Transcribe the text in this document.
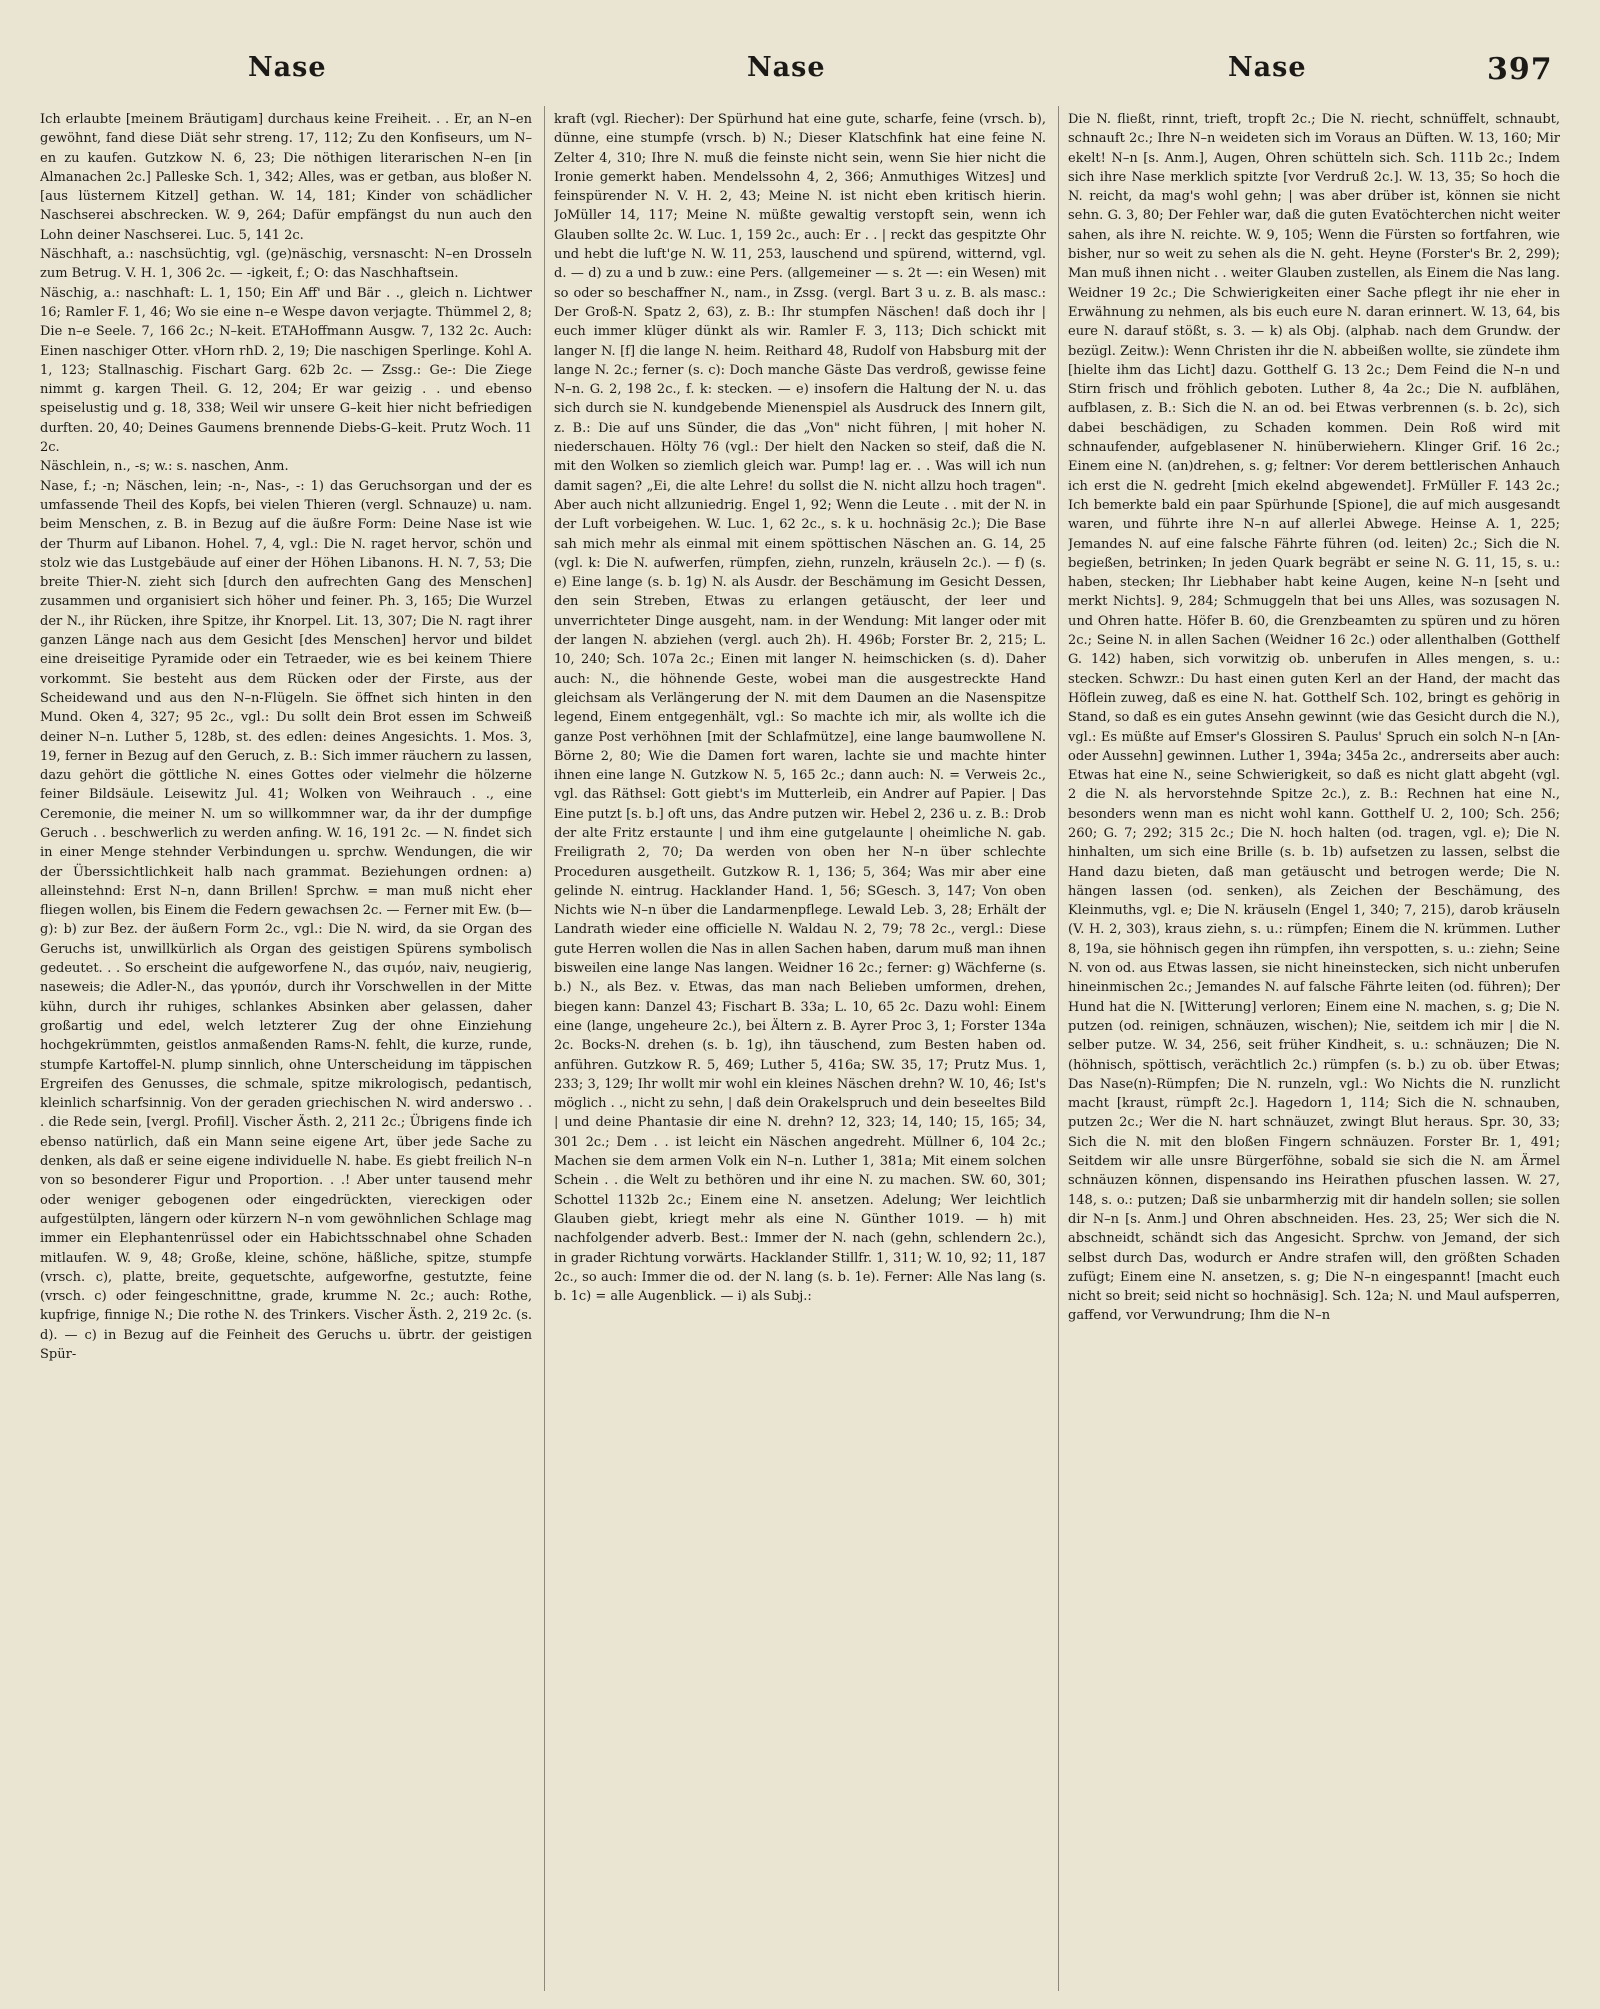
Nase	Nase	Nase	397

Ich erlaubte [meinem Bräutigam] durchaus keine Freiheit. . . Er, an N–en gewöhnt, fand diese Diät sehr streng. 17, 112; Zu den Konfiseurs, um N–en zu kaufen. Gutzkow N. 6, 23; Die nöthigen literarischen N–en [in Almanachen 2c.] Palleske Sch. 1, 342; Alles, was er getban, aus bloßer N. [aus lüsternem Kitzel] gethan. W. 14, 181; Kinder von schädlicher Naschserei abschrecken. W. 9, 264; Dafür empfängst du nun auch den Lohn deiner Naschserei. Luc. 5, 141 2c.

Näschhaft, a.: naschsüchtig, vgl. (ge)näschig, versnascht: N–en Drosseln zum Betrug. V. H. 1, 306 2c. — -igkeit, f.; O: das Naschhaftsein.

Näschig, a.: naschhaft: L. 1, 150; Ein Aff' und Bär . ., gleich n. Lichtwer 16; Ramler F. 1, 46; Wo sie eine n–e Wespe davon verjagte. Thümmel 2, 8; Die n–e Seele. 7, 166 2c.; N–keit. ETAHoffmann Ausgw. 7, 132 2c. Auch: Einen naschiger Otter. vHorn rhD. 2, 19; Die naschigen Sperlinge. Kohl A. 1, 123; Stallnaschig. Fischart Garg. 62b 2c. — Zssg.: Ge-: Die Ziege nimmt g. kargen Theil. G. 12, 204; Er war geizig . . und ebenso speiselustig und g. 18, 338; Weil wir unsere G–keit hier nicht befriedigen durften. 20, 40; Deines Gaumens brennende Diebs-G–keit. Prutz Woch. 11 2c.

Näschlein, n., -s; w.: s. naschen, Anm.

Nase, f.; -n; Näschen, lein; -n-, Nas-, -: 1) das Geruchsorgan und der es umfassende Theil des Kopfs, bei vielen Thieren (vergl. Schnauze) u. nam. beim Menschen, z. B. in Bezug auf die äußre Form: Deine Nase ist wie der Thurm auf Libanon. Hohel. 7, 4, vgl.: Die N. raget hervor, schön und stolz wie das Lustgebäude auf einer der Höhen Libanons. H. N. 7, 53; Die breite Thier-N. zieht sich [durch den aufrechten Gang des Menschen] zusammen und organisiert sich höher und feiner. Ph. 3, 165; Die Wurzel der N., ihr Rücken, ihre Spitze, ihr Knorpel. Lit. 13, 307; Die N. ragt ihrer ganzen Länge nach aus dem Gesicht [des Menschen] hervor und bildet eine dreiseitige Pyramide oder ein Tetraeder, wie es bei keinem Thiere vorkommt. Sie besteht aus dem Rücken oder der Firste, aus der Scheidewand und aus den N–n-Flügeln. Sie öffnet sich hinten in den Mund. Oken 4, 327; 95 2c., vgl.: Du sollt dein Brot essen im Schweiß deiner N–n. Luther 5, 128b, st. des edlen: deines Angesichts. 1. Mos. 3, 19, ferner in Bezug auf den Geruch, z. B.: Sich immer räuchern zu lassen, dazu gehört die göttliche N. eines Gottes oder vielmehr die hölzerne feiner Bildsäule. Leisewitz Jul. 41; Wolken von Weihrauch . ., eine Ceremonie, die meiner N. um so willkommner war, da ihr der dumpfige Geruch . . beschwerlich zu werden anfing. W. 16, 191 2c. — N. findet sich in einer Menge stehnder Verbindungen u. sprchw. Wendungen, die wir der Überssichtlichkeit halb nach grammat. Beziehungen ordnen: a) alleinstehnd: Erst N–n, dann Brillen! Sprchw. = man muß nicht eher fliegen wollen, bis Einem die Federn gewachsen 2c. — Ferner mit Ew. (b—g): b) zur Bez. der äußern Form 2c., vgl.: Die N. wird, da sie Organ des Geruchs ist, unwillkürlich als Organ des geistigen Spürens symbolisch gedeutet. . . So erscheint die aufgeworfene N., das σιμόν, naiv, neugierig, naseweis; die Adler-N., das γρυπόν, durch ihr Vorschwellen in der Mitte kühn, durch ihr ruhiges, schlankes Absinken aber gelassen, daher großartig und edel, welch letzterer Zug der ohne Einziehung hochgekrümmten, geistlos anmaßenden Rams-N. fehlt, die kurze, runde, stumpfe Kartoffel-N. plump sinnlich, ohne Unterscheidung im täppischen Ergreifen des Genusses, die schmale, spitze mikrologisch, pedantisch, kleinlich scharfsinnig. Von der geraden griechischen N. wird anderswo . . . die Rede sein, [vergl. Profil]. Vischer Ästh. 2, 211 2c.; Übrigens finde ich ebenso natürlich, daß ein Mann seine eigene Art, über jede Sache zu denken, als daß er seine eigene individuelle N. habe. Es giebt freilich N–n von so besonderer Figur und Proportion. . .! Aber unter tausend mehr oder weniger gebogenen oder eingedrückten, viereckigen oder aufgestülpten, längern oder kürzern N–n vom gewöhnlichen Schlage mag immer ein Elephantenrüssel oder ein Habichtsschnabel ohne Schaden mitlaufen. W. 9, 48; Große, kleine, schöne, häßliche, spitze, stumpfe (vrsch. c), platte, breite, gequetschte, aufgeworfne, gestutzte, feine (vrsch. c) oder feingeschnittne, grade, krumme N. 2c.; auch: Rothe, kupfrige, finnige N.; Die rothe N. des Trinkers. Vischer Ästh. 2, 219 2c. (s. d). — c) in Bezug auf die Feinheit des Geruchs u. übrtr. der geistigen Spür-

kraft (vgl. Riecher): Der Spürhund hat eine gute, scharfe, feine (vrsch. b), dünne, eine stumpfe (vrsch. b) N.; Dieser Klatschfink hat eine feine N. Zelter 4, 310; Ihre N. muß die feinste nicht sein, wenn Sie hier nicht die Ironie gemerkt haben. Mendelssohn 4, 2, 366; Anmuthiges Witzes] und feinspürender N. V. H. 2, 43; Meine N. ist nicht eben kritisch hierin. JoMüller 14, 117; Meine N. müßte gewaltig verstopft sein, wenn ich Glauben sollte 2c. W. Luc. 1, 159 2c., auch: Er . . | reckt das gespitzte Ohr und hebt die luft'ge N. W. 11, 253, lauschend und spürend, witternd, vgl. d. — d) zu a und b zuw.: eine Pers. (allgemeiner — s. 2t —: ein Wesen) mit so oder so beschaffner N., nam., in Zssg. (vergl. Bart 3 u. z. B. als masc.: Der Groß-N. Spatz 2, 63), z. B.: Ihr stumpfen Näschen! daß doch ihr | euch immer klüger dünkt als wir. Ramler F. 3, 113; Dich schickt mit langer N. [f] die lange N. heim. Reithard 48, Rudolf von Habsburg mit der lange N. 2c.; ferner (s. c): Doch manche Gäste Das verdroß, gewisse feine N–n. G. 2, 198 2c., f. k: stecken. — e) insofern die Haltung der N. u. das sich durch sie N. kundgebende Mienenspiel als Ausdruck des Innern gilt, z. B.: Die auf uns Sünder, die das „Von" nicht führen, | mit hoher N. niederschauen. Hölty 76 (vgl.: Der hielt den Nacken so steif, daß die N. mit den Wolken so ziemlich gleich war. Pump! lag er. . . Was will ich nun damit sagen? „Ei, die alte Lehre! du sollst die N. nicht allzu hoch tragen". Aber auch nicht allzuniedrig. Engel 1, 92; Wenn die Leute . . mit der N. in der Luft vorbeigehen. W. Luc. 1, 62 2c., s. k u. hochnäsig 2c.); Die Base sah mich mehr als einmal mit einem spöttischen Näschen an. G. 14, 25 (vgl. k: Die N. aufwerfen, rümpfen, ziehn, runzeln, kräuseln 2c.). — f) (s. e) Eine lange (s. b. 1g) N. als Ausdr. der Beschämung im Gesicht Dessen, den sein Streben, Etwas zu erlangen getäuscht, der leer und unverrichteter Dinge ausgeht, nam. in der Wendung: Mit langer oder mit der langen N. abziehen (vergl. auch 2h). H. 496b; Forster Br. 2, 215; L. 10, 240; Sch. 107a 2c.; Einen mit langer N. heimschicken (s. d). Daher auch: N., die höhnende Geste, wobei man die ausgestreckte Hand gleichsam als Verlängerung der N. mit dem Daumen an die Nasenspitze legend, Einem entgegenhält, vgl.: So machte ich mir, als wollte ich die ganze Post verhöhnen [mit der Schlafmütze], eine lange baumwollene N. Börne 2, 80; Wie die Damen fort waren, lachte sie und machte hinter ihnen eine lange N. Gutzkow N. 5, 165 2c.; dann auch: N. = Verweis 2c., vgl. das Räthsel: Gott giebt's im Mutterleib, ein Andrer auf Papier. | Das Eine putzt [s. b.] oft uns, das Andre putzen wir. Hebel 2, 236 u. z. B.: Drob der alte Fritz erstaunte | und ihm eine gutgelaunte | oheimliche N. gab. Freiligrath 2, 70; Da werden von oben her N–n über schlechte Proceduren ausgetheilt. Gutzkow R. 1, 136; 5, 364; Was mir aber eine gelinde N. eintrug. Hacklander Hand. 1, 56; SGesch. 3, 147; Von oben Nichts wie N–n über die Landarmenpflege. Lewald Leb. 3, 28; Erhält der Landrath wieder eine officielle N. Waldau N. 2, 79; 78 2c., vergl.: Diese gute Herren wollen die Nas in allen Sachen haben, darum muß man ihnen bisweilen eine lange Nas langen. Weidner 16 2c.; ferner: g) Wächferne (s. b.) N., als Bez. v. Etwas, das man nach Belieben umformen, drehen, biegen kann: Danzel 43; Fischart B. 33a; L. 10, 65 2c. Dazu wohl: Einem eine (lange, ungeheure 2c.), bei Ältern z. B. Ayrer Proc 3, 1; Forster 134a 2c. Bocks-N. drehen (s. b. 1g), ihn täuschend, zum Besten haben od. anführen. Gutzkow R. 5, 469; Luther 5, 416a; SW. 35, 17; Prutz Mus. 1, 233; 3, 129; Ihr wollt mir wohl ein kleines Näschen drehn? W. 10, 46; Ist's möglich . ., nicht zu sehn, | daß dein Orakelspruch und dein beseeltes Bild | und deine Phantasie dir eine N. drehn? 12, 323; 14, 140; 15, 165; 34, 301 2c.; Dem . . ist leicht ein Näschen angedreht. Müllner 6, 104 2c.; Machen sie dem armen Volk ein N–n. Luther 1, 381a; Mit einem solchen Schein . . die Welt zu bethören und ihr eine N. zu machen. SW. 60, 301; Schottel 1132b 2c.; Einem eine N. ansetzen. Adelung; Wer leichtlich Glauben giebt, kriegt mehr als eine N. Günther 1019. — h) mit nachfolgender adverb. Best.: Immer der N. nach (gehn, schlendern 2c.), in grader Richtung vorwärts. Hacklander Stillfr. 1, 311; W. 10, 92; 11, 187 2c., so auch: Immer die od. der N. lang (s. b. 1e). Ferner: Alle Nas lang (s. b. 1c) = alle Augenblick. — i) als Subj.:

Die N. fließt, rinnt, trieft, tropft 2c.; Die N. riecht, schnüffelt, schnaubt, schnauft 2c.; Ihre N–n weideten sich im Voraus an Düften. W. 13, 160; Mir ekelt! N–n [s. Anm.], Augen, Ohren schütteln sich. Sch. 111b 2c.; Indem sich ihre Nase merklich spitzte [vor Verdruß 2c.]. W. 13, 35; So hoch die N. reicht, da mag's wohl gehn; | was aber drüber ist, können sie nicht sehn. G. 3, 80; Der Fehler war, daß die guten Evatöchterchen nicht weiter sahen, als ihre N. reichte. W. 9, 105; Wenn die Fürsten so fortfahren, wie bisher, nur so weit zu sehen als die N. geht. Heyne (Forster's Br. 2, 299); Man muß ihnen nicht . . weiter Glauben zustellen, als Einem die Nas lang. Weidner 19 2c.; Die Schwierigkeiten einer Sache pflegt ihr nie eher in Erwähnung zu nehmen, als bis euch eure N. daran erinnert. W. 13, 64, bis eure N. darauf stößt, s. 3. — k) als Obj. (alphab. nach dem Grundw. der bezügl. Zeitw.): Wenn Christen ihr die N. abbeißen wollte, sie zündete ihm [hielte ihm das Licht] dazu. Gotthelf G. 13 2c.; Dem Feind die N–n und Stirn frisch und fröhlich geboten. Luther 8, 4a 2c.; Die N. aufblähen, aufblasen, z. B.: Sich die N. an od. bei Etwas verbrennen (s. b. 2c), sich dabei beschädigen, zu Schaden kommen. Dein Roß wird mit schnaufender, aufgeblasener N. hinüberwiehern. Klinger Grif. 16 2c.; Einem eine N. (an)drehen, s. g; feltner: Vor derem bettlerischen Anhauch ich erst die N. gedreht [mich ekelnd abgewendet]. FrMüller F. 143 2c.; Ich bemerkte bald ein paar Spürhunde [Spione], die auf mich ausgesandt waren, und führte ihre N–n auf allerlei Abwege. Heinse A. 1, 225; Jemandes N. auf eine falsche Fährte führen (od. leiten) 2c.; Sich die N. begießen, betrinken; In jeden Quark begräbt er seine N. G. 11, 15, s. u.: haben, stecken; Ihr Liebhaber habt keine Augen, keine N–n [seht und merkt Nichts]. 9, 284; Schmuggeln that bei uns Alles, was sozusagen N. und Ohren hatte. Höfer B. 60, die Grenzbeamten zu spüren und zu hören 2c.; Seine N. in allen Sachen (Weidner 16 2c.) oder allenthalben (Gotthelf G. 142) haben, sich vorwitzig ob. unberufen in Alles mengen, s. u.: stecken. Schwzr.: Du hast einen guten Kerl an der Hand, der macht das Höflein zuweg, daß es eine N. hat. Gotthelf Sch. 102, bringt es gehörig in Stand, so daß es ein gutes Ansehn gewinnt (wie das Gesicht durch die N.), vgl.: Es müßte auf Emser's Glossiren S. Paulus' Spruch ein solch N–n [An- oder Aussehn] gewinnen. Luther 1, 394a; 345a 2c., andrerseits aber auch: Etwas hat eine N., seine Schwierigkeit, so daß es nicht glatt abgeht (vgl. 2 die N. als hervorstehnde Spitze 2c.), z. B.: Rechnen hat eine N., besonders wenn man es nicht wohl kann. Gotthelf U. 2, 100; Sch. 256; 260; G. 7; 292; 315 2c.; Die N. hoch halten (od. tragen, vgl. e); Die N. hinhalten, um sich eine Brille (s. b. 1b) aufsetzen zu lassen, selbst die Hand dazu bieten, daß man getäuscht und betrogen werde; Die N. hängen lassen (od. senken), als Zeichen der Beschämung, des Kleinmuths, vgl. e; Die N. kräuseln (Engel 1, 340; 7, 215), darob kräuseln (V. H. 2, 303), kraus ziehn, s. u.: rümpfen; Einem die N. krümmen. Luther 8, 19a, sie höhnisch gegen ihn rümpfen, ihn verspotten, s. u.: ziehn; Seine N. von od. aus Etwas lassen, sie nicht hineinstecken, sich nicht unberufen hineinmischen 2c.; Jemandes N. auf falsche Fährte leiten (od. führen); Der Hund hat die N. [Witterung] verloren; Einem eine N. machen, s. g; Die N. putzen (od. reinigen, schnäuzen, wischen); Nie, seitdem ich mir | die N. selber putze. W. 34, 256, seit früher Kindheit, s. u.: schnäuzen; Die N. (höhnisch, spöttisch, verächtlich 2c.) rümpfen (s. b.) zu ob. über Etwas; Das Nase(n)-Rümpfen; Die N. runzeln, vgl.: Wo Nichts die N. runzlicht macht [kraust, rümpft 2c.]. Hagedorn 1, 114; Sich die N. schnauben, putzen 2c.; Wer die N. hart schnäuzet, zwingt Blut heraus. Spr. 30, 33; Sich die N. mit den bloßen Fingern schnäuzen. Forster Br. 1, 491; Seitdem wir alle unsre Bürgerföhne, sobald sie sich die N. am Ärmel schnäuzen können, dispensando ins Heirathen pfuschen lassen. W. 27, 148, s. o.: putzen; Daß sie unbarmherzig mit dir handeln sollen; sie sollen dir N–n [s. Anm.] und Ohren abschneiden. Hes. 23, 25; Wer sich die N. abschneidt, schändt sich das Angesicht. Sprchw. von Jemand, der sich selbst durch Das, wodurch er Andre strafen will, den größten Schaden zufügt; Einem eine N. ansetzen, s. g; Die N–n eingespannt! [macht euch nicht so breit; seid nicht so hochnäsig]. Sch. 12a; N. und Maul aufsperren, gaffend, vor Verwundrung; Ihm die N–n
